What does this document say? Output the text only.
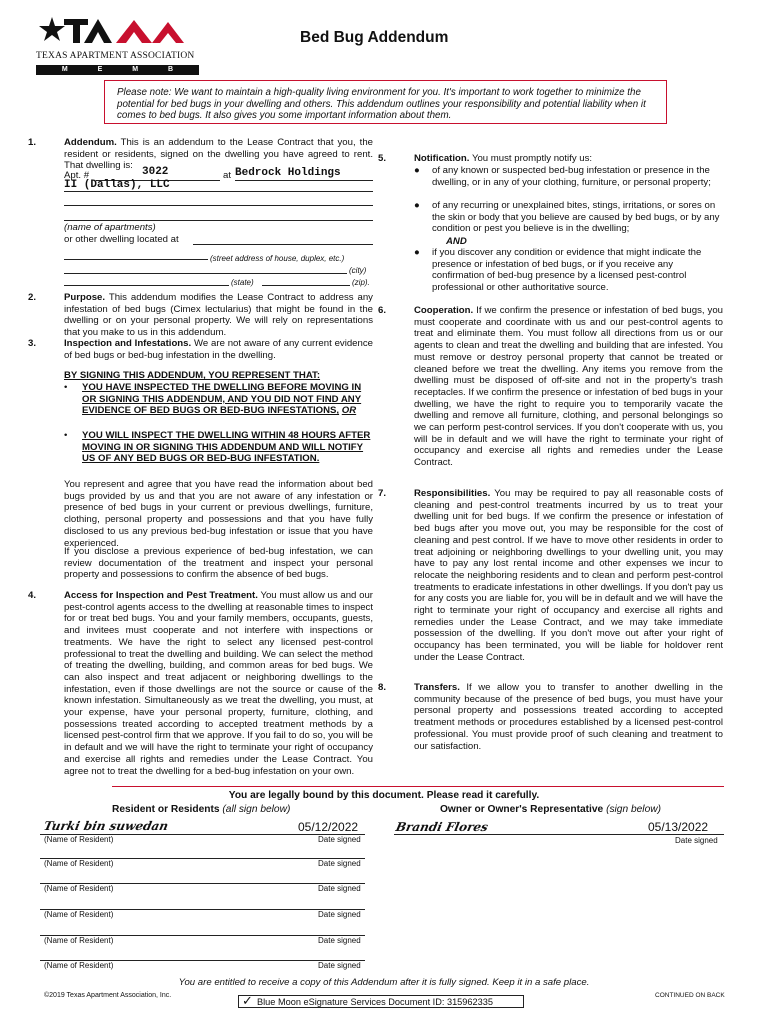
TEXAS APARTMENT ASSOCIATION
M E M B E R
Bed Bug Addendum
Please note: We want to maintain a high-quality living environment for you. It's important to work together to minimize the potential for bed bugs in your dwelling and others. This addendum outlines your responsibility and potential liability when it comes to bed bugs. It also gives you some important information about them.
1.	Addendum. This is an addendum to the Lease Contract that you, the resident or residents, signed on the dwelling you have agreed to rent. That dwelling is:
Apt. #	3022	at Bedrock Holdings
II (Dallas), LLC
(name of apartments)
or other dwelling located at
(street address of house, duplex, etc.)
(city)
(state)	(zip).
2.	Purpose. This addendum modifies the Lease Contract to address any infestation of bed bugs (Cimex lectularius) that might be found in the dwelling or on your personal property. We will rely on representations that you make to us in this addendum.
3.	Inspection and Infestations. We are not aware of any current evidence of bed bugs or bed-bug infestation in the dwelling.
BY SIGNING THIS ADDENDUM, YOU REPRESENT THAT:
• YOU HAVE INSPECTED THE DWELLING BEFORE MOVING IN OR SIGNING THIS ADDENDUM, AND YOU DID NOT FIND ANY EVIDENCE OF BED BUGS OR BED-BUG INFESTATIONS, OR
• YOU WILL INSPECT THE DWELLING WITHIN 48 HOURS AFTER MOVING IN OR SIGNING THIS ADDENDUM AND WILL NOTIFY US OF ANY BED BUGS OR BED-BUG INFESTATION.
You represent and agree that you have read the information about bed bugs provided by us and that you are not aware of any infestation or presence of bed bugs in your current or previous dwellings, furniture, clothing, personal property and possessions and that you have fully disclosed to us any previous bed-bug infestation or issue that you have experienced.
If you disclose a previous experience of bed-bug infestation, we can review documentation of the treatment and inspect your personal property and possessions to confirm the absence of bed bugs.
4.	Access for Inspection and Pest Treatment. You must allow us and our pest-control agents access to the dwelling at reasonable times to inspect for or treat bed bugs. You and your family members, occupants, guests, and invitees must cooperate and not interfere with inspections or treatments. We have the right to select any licensed pest-control professional to treat the dwelling and building. We can select the method of treating the dwelling, building, and common areas for bed bugs. We can also inspect and treat adjacent or neighboring dwellings to the infestation, even if those dwellings are not the source or cause of the known infestation. Simultaneously as we treat the dwelling, you must, at your expense, have your personal property, furniture, clothing, and possessions treated according to accepted treatment methods by a licensed pest-control firm that we approve. If you fail to do so, you will be in default and we will have the right to terminate your right of occupancy and exercise all rights and remedies under the Lease Contract. You agree not to treat the dwelling for a bed-bug infestation on your own.
5.	Notification. You must promptly notify us:
● of any known or suspected bed-bug infestation or presence in the dwelling, or in any of your clothing, furniture, or personal property;
● of any recurring or unexplained bites, stings, irritations, or sores on the skin or body that you believe are caused by bed bugs, or by any condition or pest you believe is in the dwelling;
AND
● if you discover any condition or evidence that might indicate the presence or infestation of bed bugs, or if you receive any confirmation of bed-bug presence by a licensed pest-control professional or other authoritative source.
6.	Cooperation. If we confirm the presence or infestation of bed bugs, you must cooperate and coordinate with us and our pest-control agents to treat and eliminate them. You must follow all directions from us or our agents to clean and treat the dwelling and building that are infested. You must remove or destroy personal property that cannot be treated or cleaned before we treat the dwelling. Any items you remove from the dwelling must be disposed of off-site and not in the property's trash receptacles. If we confirm the presence or infestation of bed bugs in your dwelling, we have the right to require you to temporarily vacate the dwelling and remove all furniture, clothing, and personal belongings so we can perform pest-control services. If you don't cooperate with us, you will be in default and we will have the right to terminate your right of occupancy and exercise all rights and remedies under the Lease Contract.
7.	Responsibilities. You may be required to pay all reasonable costs of cleaning and pest-control treatments incurred by us to treat your dwelling unit for bed bugs. If we confirm the presence or infestation of bed bugs after you move out, you may be responsible for the cost of cleaning and pest control. If we have to move other residents in order to treat adjoining or neighboring dwellings to your dwelling unit, you may have to pay any lost rental income and other expenses we incur to relocate the neighboring residents and to clean and perform pest-control treatments to eradicate infestations in other dwellings. If you don't pay us for any costs you are liable for, you will be in default and we will have the right to terminate your right of occupancy and exercise all rights and remedies under the Lease Contract, and we may take immediate possession of the dwelling. If you don't move out after your right of occupancy has been terminated, you will be liable for holdover rent under the Lease Contract.
8.	Transfers. If we allow you to transfer to another dwelling in the community because of the presence of bed bugs, you must have your personal property and possessions treated according to accepted treatment methods or procedures established by a licensed pest-control professional. You must provide proof of such cleaning and treatment to our satisfaction.
You are legally bound by this document. Please read it carefully.
Resident or Residents (all sign below)	Owner or Owner's Representative (sign below)
Turki bin suwedan	05/12/2022
(Name of Resident)	Date signed
Brandi Flores	05/13/2022
Date signed
(Name of Resident)	Date signed
(Name of Resident)	Date signed
(Name of Resident)	Date signed
(Name of Resident)	Date signed
(Name of Resident)	Date signed
You are entitled to receive a copy of this Addendum after it is fully signed. Keep it in a safe place.
©2019 Texas Apartment Association, Inc.	CONTINUED ON BACK
✓ Blue Moon eSignature Services Document ID: 315962335
